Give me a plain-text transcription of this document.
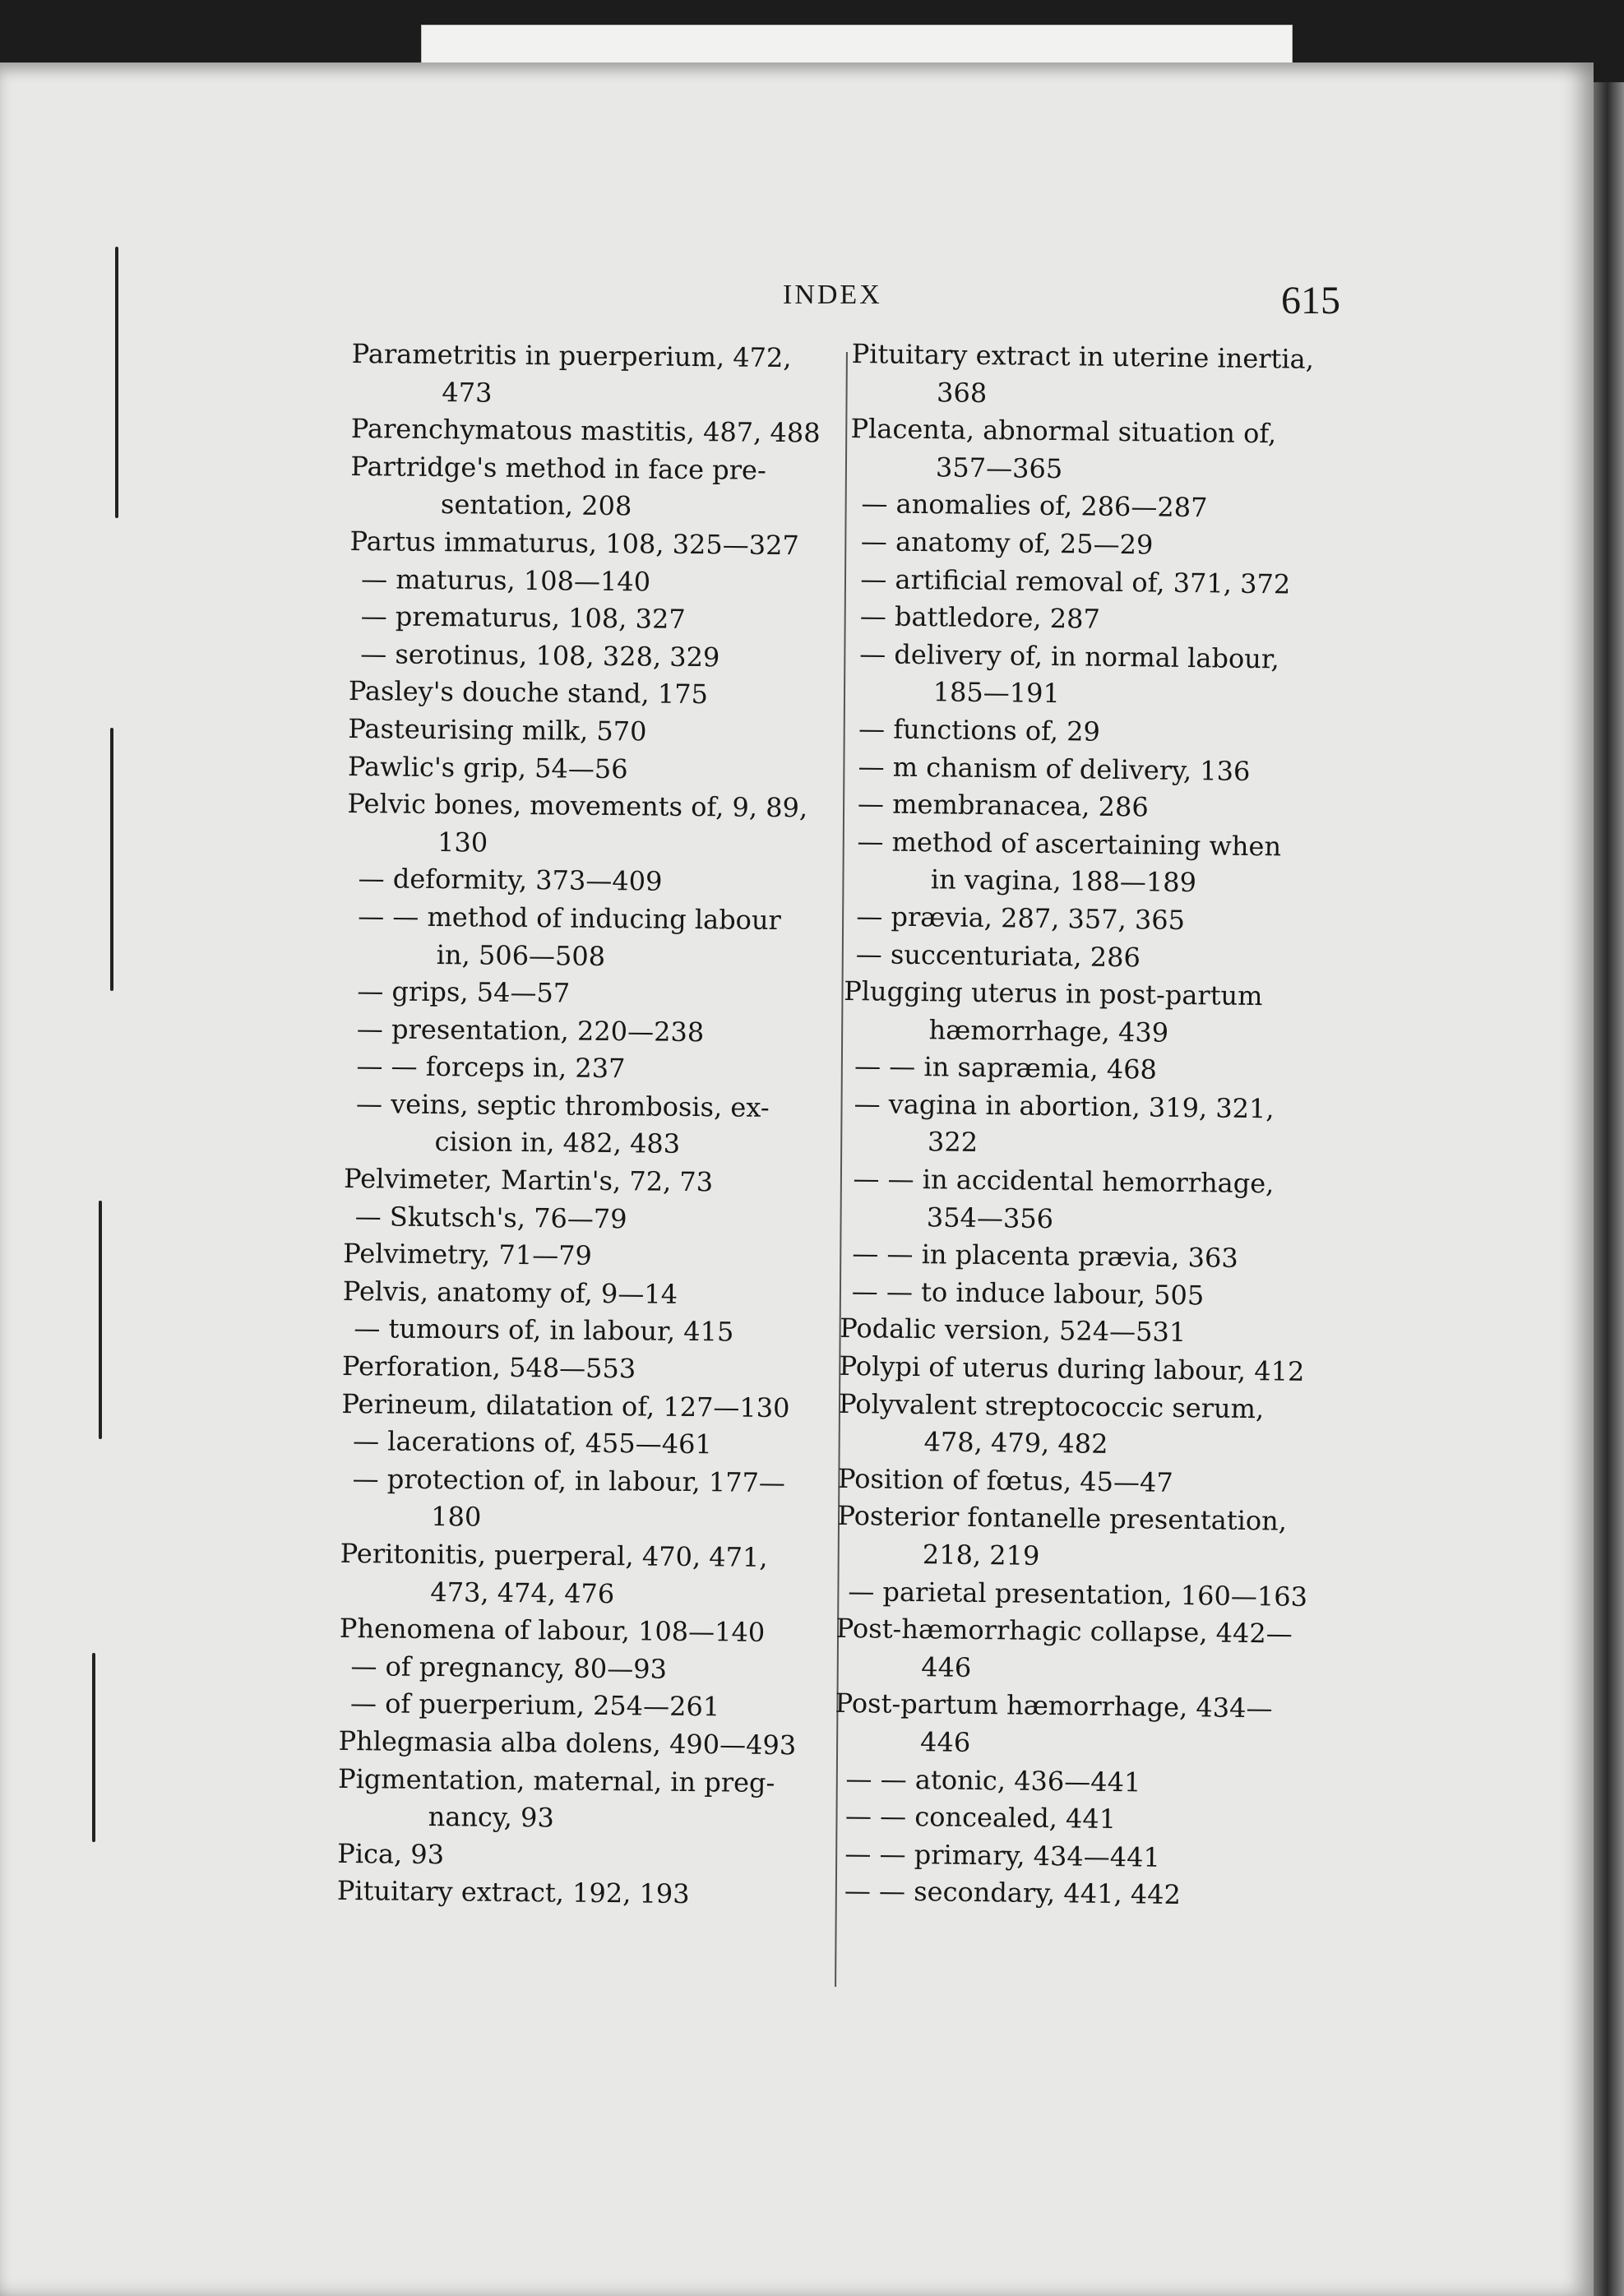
INDEX	615
Parametritis in puerperium, 472,
473
Parenchymatous mastitis, 487, 488
Partridge's method in face pre-
sentation, 208
Partus immaturus, 108, 325—327
— maturus, 108—140
— prematurus, 108, 327
— serotinus, 108, 328, 329
Pasley's douche stand, 175
Pasteurising milk, 570
Pawlic's grip, 54—56
Pelvic bones, movements of, 9, 89,
130
— deformity, 373—409
— — method of inducing labour
in, 506—508
— grips, 54—57
— presentation, 220—238
— — forceps in, 237
— veins, septic thrombosis, ex-
cision in, 482, 483
Pelvimeter, Martin's, 72, 73
— Skutsch's, 76—79
Pelvimetry, 71—79
Pelvis, anatomy of, 9—14
— tumours of, in labour, 415
Perforation, 548—553
Perineum, dilatation of, 127—130
— lacerations of, 455—461
— protection of, in labour, 177—
180
Peritonitis, puerperal, 470, 471,
473, 474, 476
Phenomena of labour, 108—140
— of pregnancy, 80—93
— of puerperium, 254—261
Phlegmasia alba dolens, 490—493
Pigmentation, maternal, in preg-
nancy, 93
Pica, 93
Pituitary extract, 192, 193
Pituitary extract in uterine inertia,
368
Placenta, abnormal situation of,
357—365
— anomalies of, 286—287
— anatomy of, 25—29
— artificial removal of, 371, 372
— battledore, 287
— delivery of, in normal labour,
185—191
— functions of, 29
— m chanism of delivery, 136
— membranacea, 286
— method of ascertaining when
in vagina, 188—189
— prævia, 287, 357, 365
— succenturiata, 286
Plugging uterus in post-partum
hæmorrhage, 439
— — in sapræmia, 468
— vagina in abortion, 319, 321,
322
— — in accidental hemorrhage,
354—356
— — in placenta prævia, 363
— — to induce labour, 505
Podalic version, 524—531
Polypi of uterus during labour, 412
Polyvalent streptococcic serum,
478, 479, 482
Position of fœtus, 45—47
Posterior fontanelle presentation,
218, 219
— parietal presentation, 160—163
Post-hæmorrhagic collapse, 442—
446
Post-partum hæmorrhage, 434—
446
— — atonic, 436—441
— — concealed, 441
— — primary, 434—441
— — secondary, 441, 442
